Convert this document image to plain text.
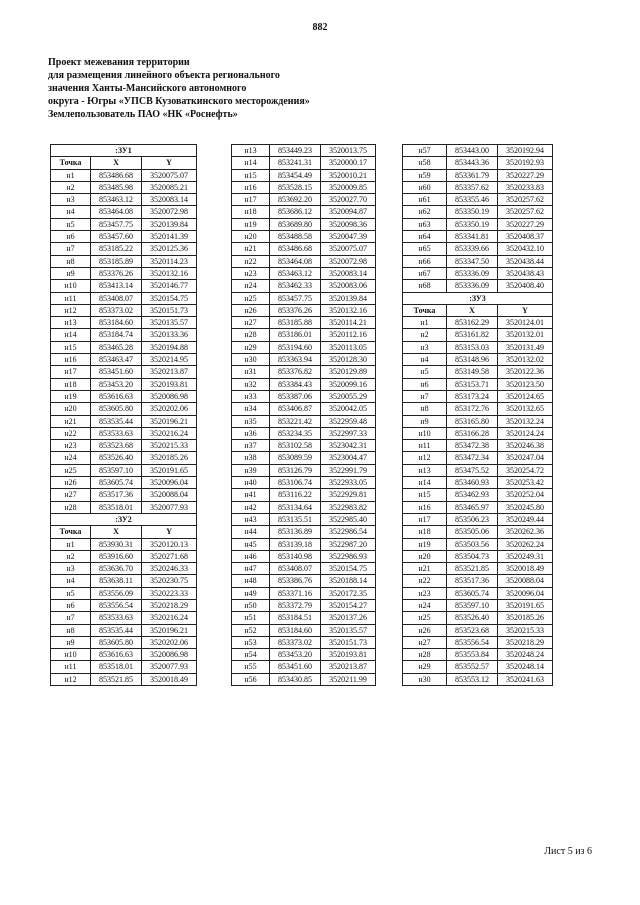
882
Проект межевания территории
для размещения линейного объекта регионального
значения Ханты-Мансийского автономного
округа - Югры «УПСВ Кузоваткинского месторождения»
Землепользователь ПАО «НК «Роснефть»
:ЗУ1		
Точка	X	Y
н1	853486.68	3520075.07
н2	853485.98	3520085.21
н3	853463.12	3520083.14
н4	853464.08	3520072.98
н5	853457.75	3520139.84
н6	853457.60	3520141.39
н7	853185.22	3520125.36
н8	853185.89	3520114.23
н9	853376.26	3520132.16
н10	853413.14	3520146.77
н11	853408.07	3520154.75
н12	853373.02	3520151.73
н13	853184.60	3520135.57
н14	853184.74	3520133.36
н15	853465.28	3520194.88
н16	853463.47	3520214.95
н17	853451.60	3520213.87
н18	853453.20	3520193.81
н19	853616.63	3520086.98
н20	853605.80	3520202.06
н21	853535.44	3520196.21
н22	853533.63	3520216.24
н23	853523.68	3520215.33
н24	853526.40	3520185.26
н25	853597.10	3520191.65
н26	853605.74	3520096.04
н27	853517.36	3520088.04
н28	853518.01	3520077.93
:ЗУ2		
Точка	X	Y
н1	853930.31	3520120.13
н2	853916.60	3520271.68
н3	853636.70	3520246.33
н4	853638.11	3520230.75
н5	853556.09	3520223.33
н6	853556.54	3520218.29
н7	853533.63	3520216.24
н8	853535.44	3520196.21
н9	853605.80	3520202.06
н10	853616.63	3520086.98
н11	853518.01	3520077.93
н12	853521.85	3520018.49
н13	853449.23	3520013.75
н14	853241.31	3520000.17
н15	853454.49	3520010.21
н16	853528.15	3520009.85
н17	853692.20	3520027.70
н18	853686.12	3520094.87
н19	853689.80	3520098.36
н20	853488.58	3520047.39
н21	853486.68	3520075.07
н22	853464.08	3520072.98
н23	853463.12	3520083.14
н24	853462.33	3520083.06
н25	853457.75	3520139.84
н26	853376.26	3520132.16
н27	853185.88	3520114.21
н28	853186.01	3520112.16
н29	853194.60	3520113.05
н30	853363.94	3520128.30
н31	853376.82	3520129.89
н32	853384.43	3520099.16
н33	853387.06	3520055.29
н34	853406.87	3520042.05
н35	853221.42	3522959.48
н36	853234.35	3522997.33
н37	853102.58	3523042.31
н38	853089.59	3523004.47
н39	853126.79	3522991.79
н40	853106.74	3522933.05
н41	853116.22	3522929.81
н42	853134.64	3522983.82
н43	853135.51	3522985.40
н44	853136.89	3522986.54
н45	853139.18	3522987.20
н46	853140.98	3522986.93
н47	853408.07	3520154.75
н48	853386.76	3520188.14
н49	853371.16	3520172.35
н50	853372.79	3520154.27
н51	853184.51	3520137.26
н52	853184.60	3520135.57
н53	853373.02	3520151.73
н54	853453.20	3520193.81
н55	853451.60	3520213.87
н56	853430.85	3520211.99
н57	853443.00	3520192.94
н58	853443.36	3520192.93
н59	853361.79	3520227.29
н60	853357.62	3520233.83
н61	853355.46	3520257.62
н62	853350.19	3520257.62
н63	853350.19	3520227.29
н64	853341.81	3520408.37
н65	853339.66	3520432.10
н66	853347.50	3520438.44
н67	853336.09	3520438.43
н68	853336.09	3520408.40
:ЗУ3		
Точка	X	Y
н1	853162.29	3520124.01
н2	853161.82	3520132.01
н3	853153.03	3520131.49
н4	853148.96	3520132.02
н5	853149.58	3520122.36
н6	853153.71	3520123.50
н7	853173.24	3520124.65
н8	853172.76	3520132.65
н9	853165.80	3520132.24
н10	853166.28	3520124.24
н11	853472.38	3520246.38
н12	853472.34	3520247.04
н13	853475.52	3520254.72
н14	853460.93	3520253.42
н15	853462.93	3520252.04
н16	853465.97	3520245.80
н17	853506.23	3520249.44
н18	853505.06	3520262.36
н19	853503.56	3520262.24
н20	853504.73	3520249.31
н21	853521.85	3520018.49
н22	853517.36	3520088.04
н23	853605.74	3520096.04
н24	853597.10	3520191.65
н25	853526.40	3520185.26
н26	853523.68	3520215.33
н27	853556.54	3520218.29
н28	853553.84	3520248.24
н29	853552.57	3520248.14
н30	853553.12	3520241.63
Лист 5 из 6
